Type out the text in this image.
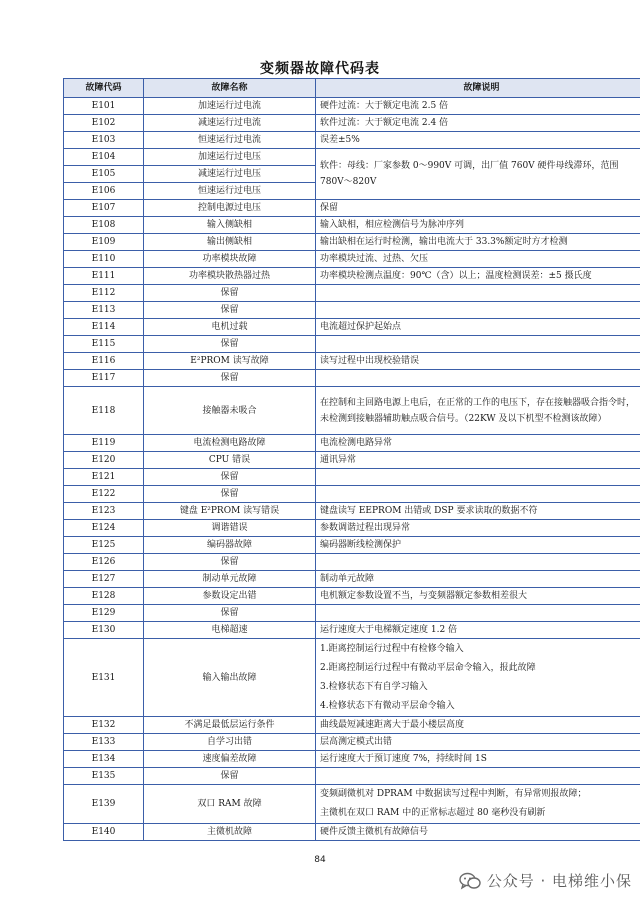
变频器故障代码表
故障代码	故障名称	故障说明
E101	加速运行过电流	硬件过流：大于额定电流 2.5 倍
E102	减速运行过电流	软件过流：大于额定电流 2.4 倍
E103	恒速运行过电流	误差±5%
E104	加速运行过电压	软件：母线：厂家参数 0～990V 可调，出厂值 760V 硬件母线滞环，范围 780V～820V
E105	减速运行过电压	
E106	恒速运行过电压	
E107	控制电源过电压	保留
E108	输入侧缺相	输入缺相，相应检测信号为脉冲序列
E109	输出侧缺相	输出缺相在运行时检测，输出电流大于 33.3%额定时方才检测
E110	功率模块故障	功率模块过流、过热、欠压
E111	功率模块散热器过热	功率模块检测点温度：90℃（含）以上；温度检测误差：±5 摄氏度
E112	保留	
E113	保留	
E114	电机过载	电流超过保护起始点
E115	保留	
E116	E²PROM 读写故障	读写过程中出现校验错误
E117	保留	
E118	接触器未吸合	在控制和主回路电源上电后，在正常的工作的电压下，存在接触器吸合指令时，未检测到接触器辅助触点吸合信号。（22KW 及以下机型不检测该故障）
E119	电流检测电路故障	电流检测电路异常
E120	CPU 错误	通讯异常
E121	保留	
E122	保留	
E123	键盘 E²PROM 读写错误	键盘读写 EEPROM 出错或 DSP 要求读取的数据不符
E124	调谐错误	参数调谐过程出现异常
E125	编码器故障	编码器断线检测保护
E126	保留	
E127	制动单元故障	制动单元故障
E128	参数设定出错	电机额定参数设置不当，与变频器额定参数相差很大
E129	保留	
E130	电梯超速	运行速度大于电梯额定速度 1.2 倍
E131	输入输出故障	1.距离控制运行过程中有检修令输入
2.距离控制运行过程中有微动平层命令输入，报此故障
3.检修状态下有自学习输入
4.检修状态下有微动平层命令输入

E132	不满足最低层运行条件	曲线最短减速距离大于最小楼层高度
E133	自学习出错	层高测定模式出错
E134	速度偏差故障	运行速度大于预订速度 7%，持续时间 1S
E135	保留	
E139	双口 RAM 故障	变频副微机对 DPRAM 中数据读写过程中判断，有异常则报故障；
主微机在双口 RAM 中的正常标志超过 80 毫秒没有刷新

E140	主微机故障	硬件反馈主微机有故障信号
84
公众号 · 电梯维小保
